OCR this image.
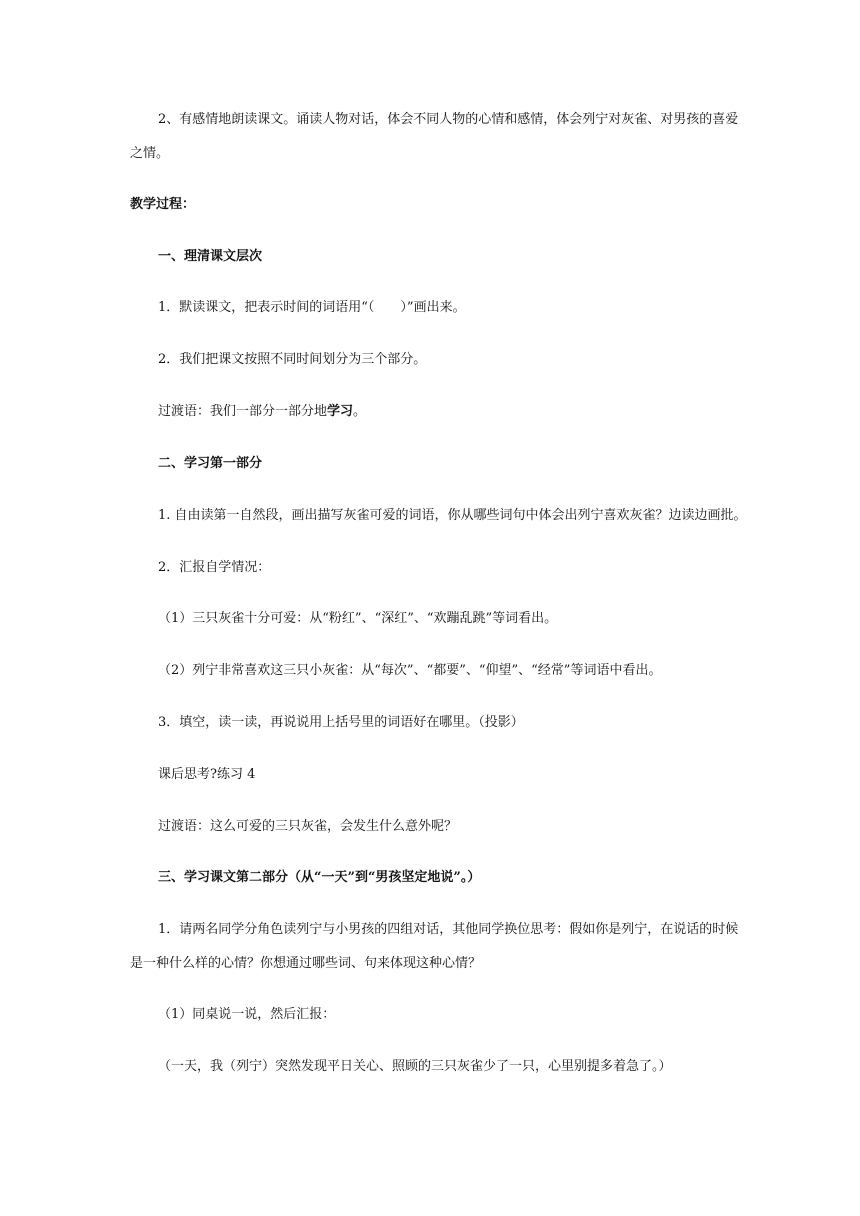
2、有感情地朗读课文。诵读人物对话，体会不同人物的心情和感情，体会列宁对灰雀、对男孩的喜爱

之情。

教学过程：

一、理清课文层次

1．默读课文，把表示时间的词语用“（　　）”画出来。

2．我们把课文按照不同时间划分为三个部分。

过渡语：我们一部分一部分地学习。

二、学习第一部分

1. 自由读第一自然段，画出描写灰雀可爱的词语，你从哪些词句中体会出列宁喜欢灰雀？边读边画批。

2．汇报自学情况：

（1）三只灰雀十分可爱：从“粉红”、“深红”、“欢蹦乱跳”等词看出。

（2）列宁非常喜欢这三只小灰雀：从“每次”、“都要”、“仰望”、“经常”等词语中看出。

3．填空，读一读，再说说用上括号里的词语好在哪里。（投影）

课后思考?练习 4

过渡语：这么可爱的三只灰雀，会发生什么意外呢？

三、学习课文第二部分（从“一天”到“男孩坚定地说”。）

1．请两名同学分角色读列宁与小男孩的四组对话，其他同学换位思考：假如你是列宁，在说话的时候

是一种什么样的心情？你想通过哪些词、句来体现这种心情？

（1）同桌说一说，然后汇报：

（一天，我（列宁）突然发现平日关心、照顾的三只灰雀少了一只，心里别提多着急了。）
